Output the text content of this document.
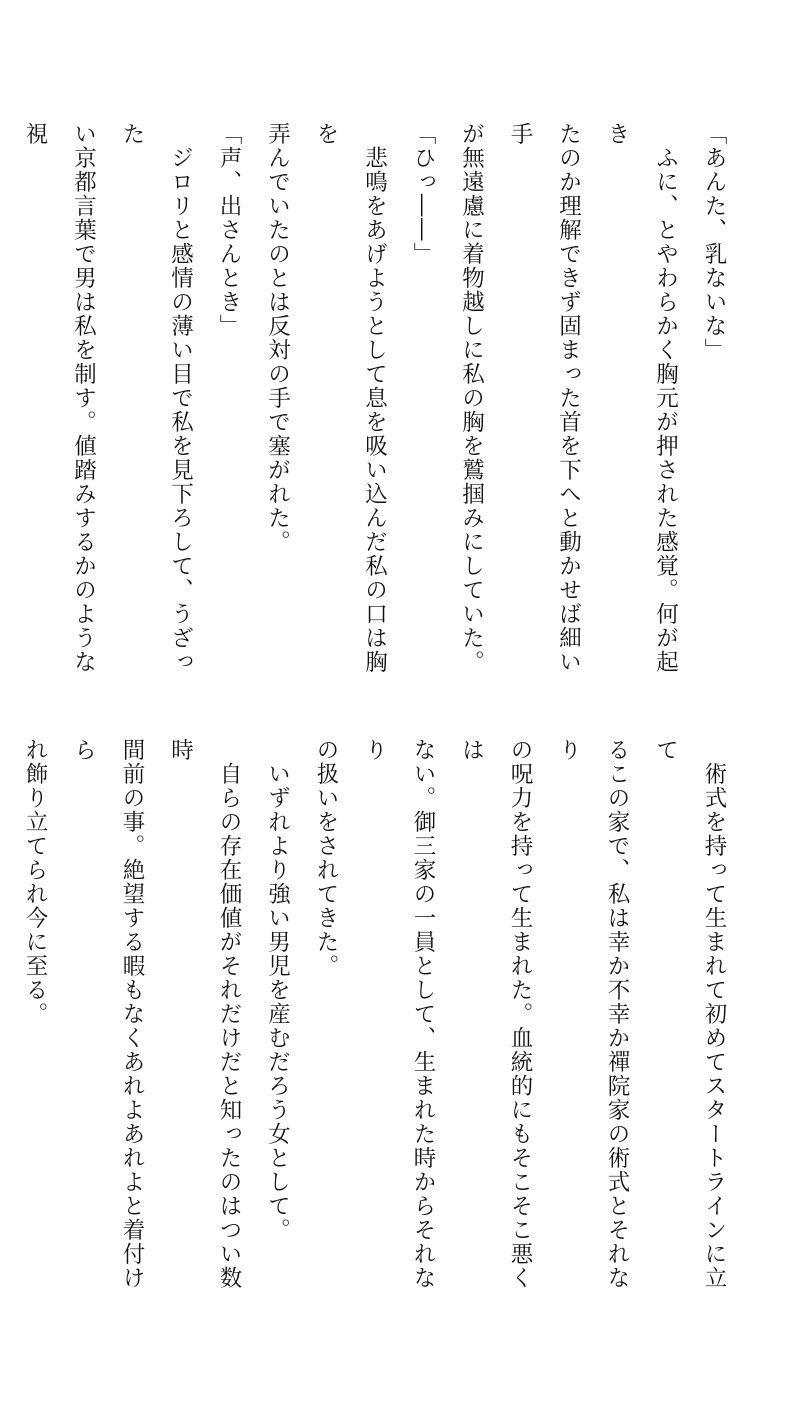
「あんた、乳ないな」
　ふに、とやわらかく胸元が押された感覚。何が起き
たのか理解できず固まった首を下へと動かせば細い手
が無遠慮に着物越しに私の胸を鷲掴みにしていた。
「ひっ――」
　悲鳴をあげようとして息を吸い込んだ私の口は胸を
弄んでいたのとは反対の手で塞がれた。
「声、出さんとき」
　ジロリと感情の薄い目で私を見下ろして、うざった
い京都言葉で男は私を制す。値踏みするかのような視
　術式を持って生まれて初めてスタートラインに立て
るこの家で、私は幸か不幸か禪院家の術式とそれなり
の呪力を持って生まれた。血統的にもそこそこ悪くは
ない。御三家の一員として、生まれた時からそれなり
の扱いをされてきた。
　いずれより強い男児を産むだろう女として。
　自らの存在価値がそれだけだと知ったのはつい数時
間前の事。絶望する暇もなくあれよあれよと着付けら
れ飾り立てられ今に至る。
